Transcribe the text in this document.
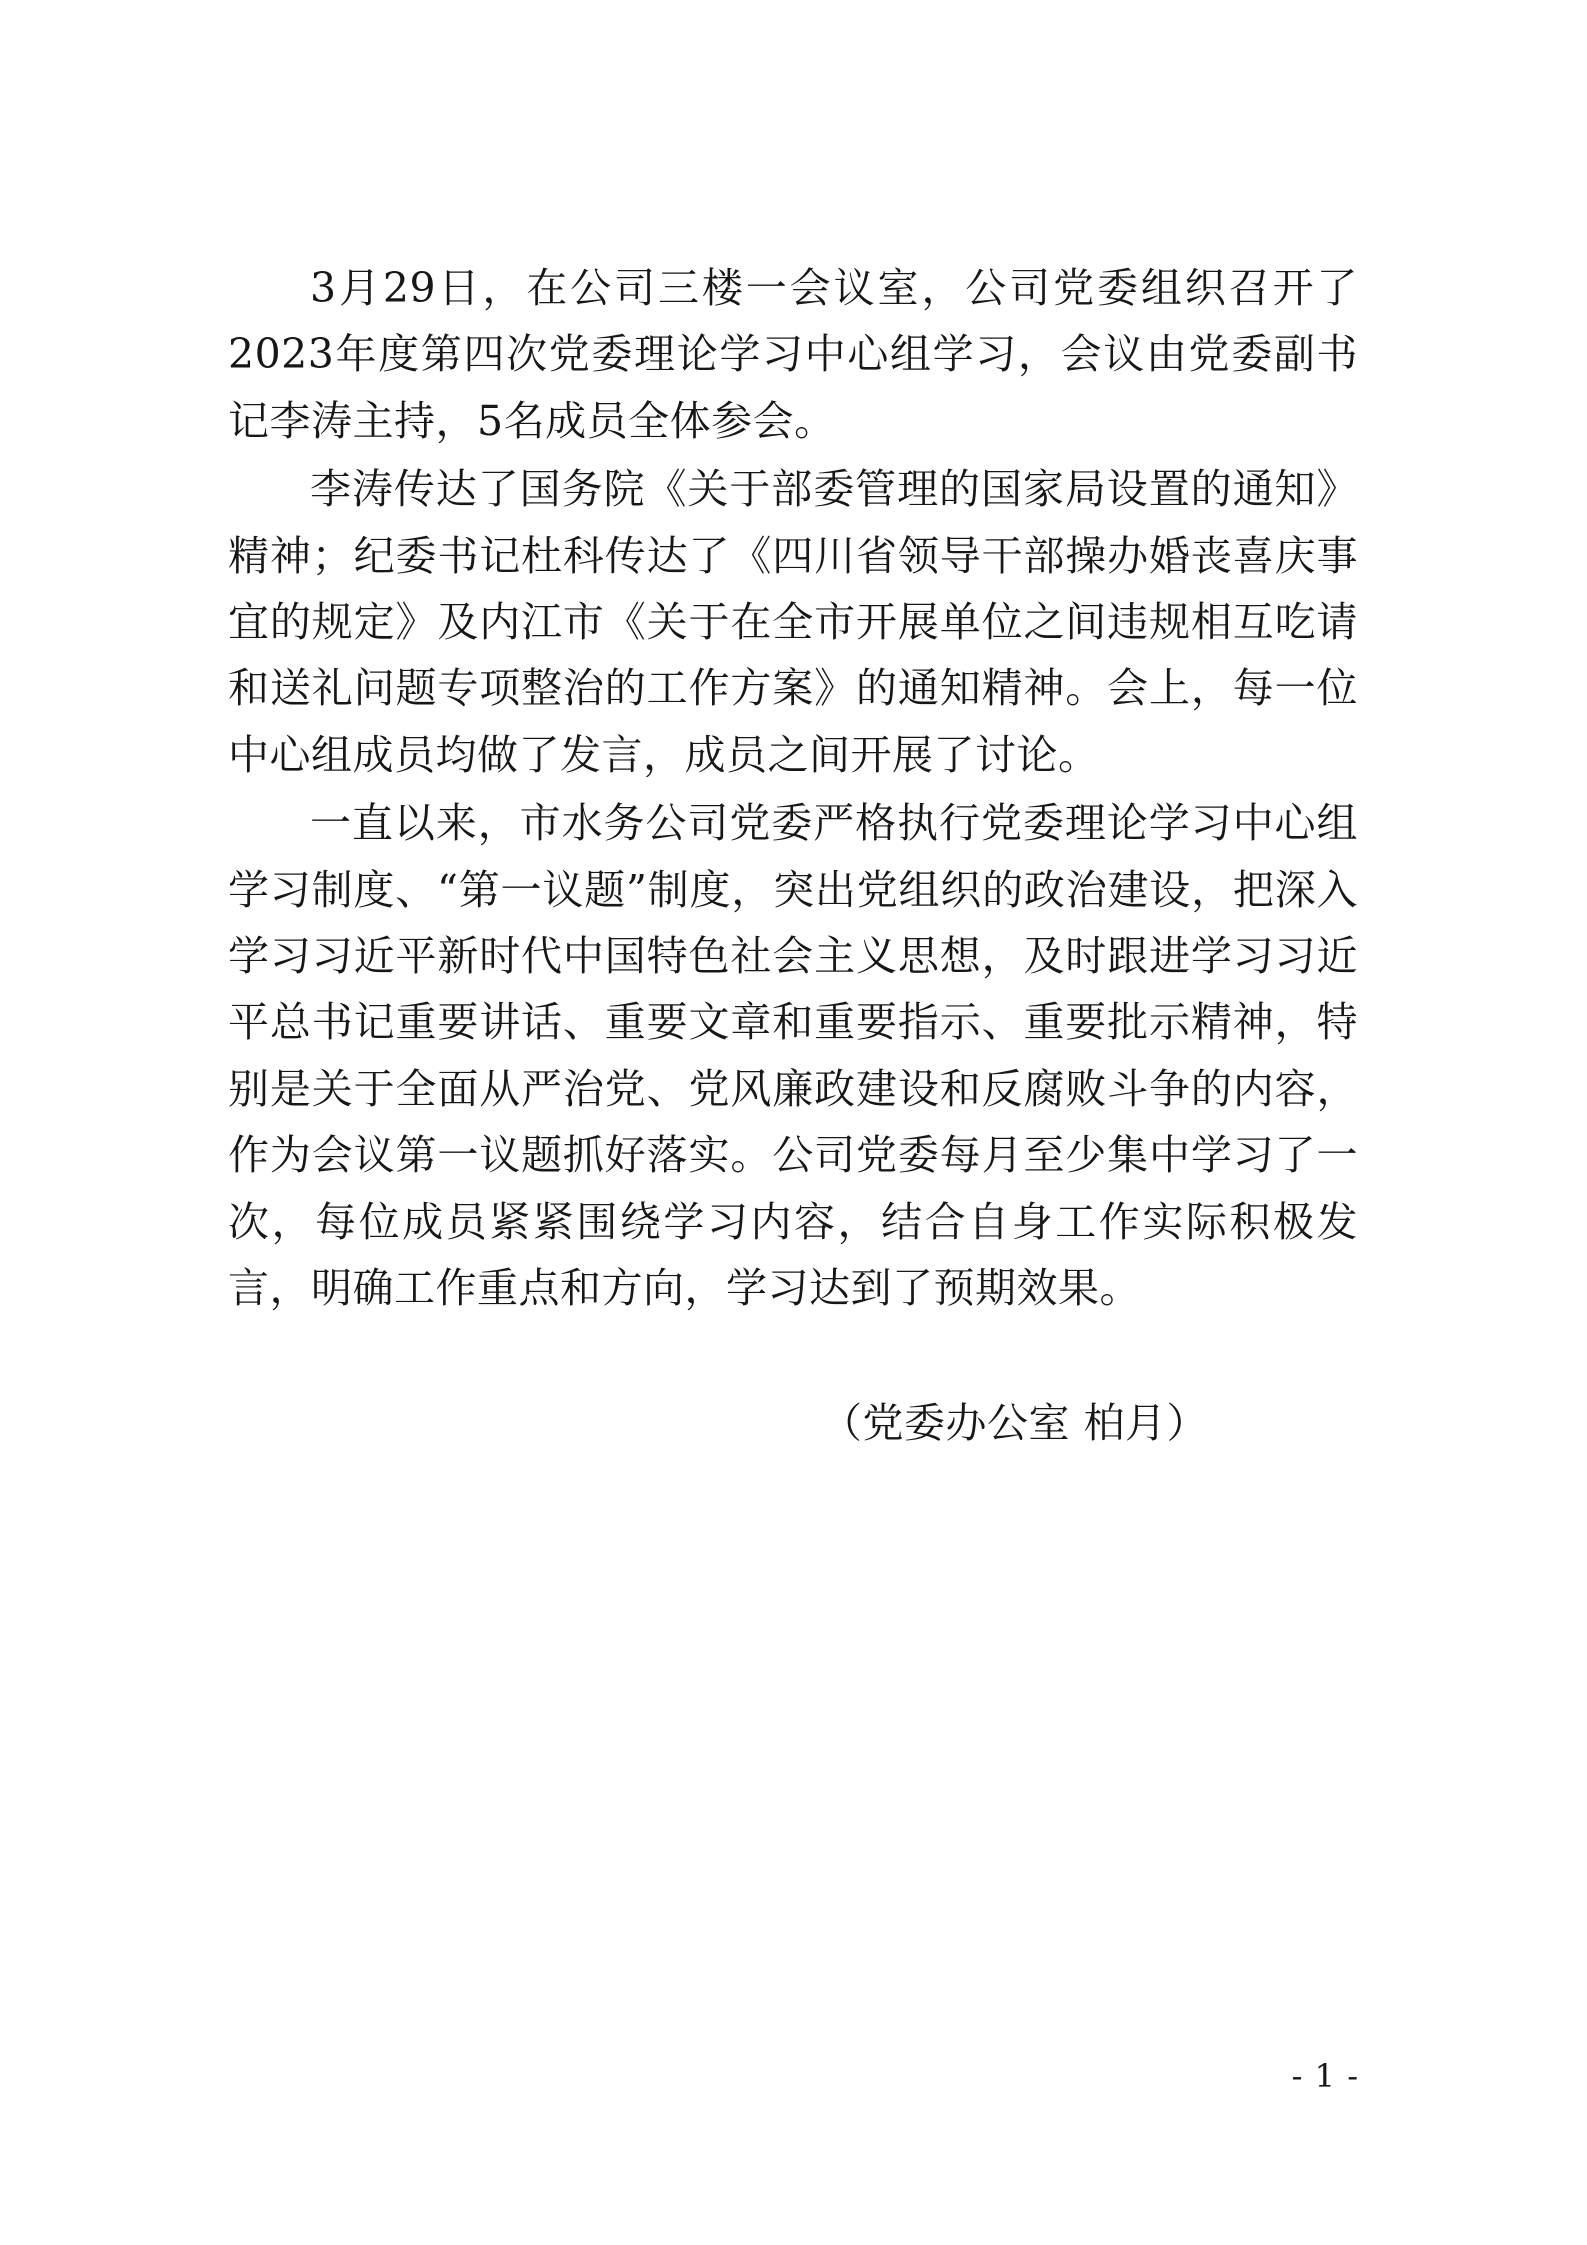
3月29日，在公司三楼一会议室，公司党委组织召开了2023年度第四次党委理论学习中心组学习，会议由党委副书记李涛主持，5名成员全体参会。

李涛传达了国务院《关于部委管理的国家局设置的通知》精神；纪委书记杜科传达了《四川省领导干部操办婚丧喜庆事宜的规定》及内江市《关于在全市开展单位之间违规相互吃请和送礼问题专项整治的工作方案》的通知精神。会上，每一位中心组成员均做了发言，成员之间开展了讨论。

一直以来，市水务公司党委严格执行党委理论学习中心组学习制度、“第一议题”制度，突出党组织的政治建设，把深入学习习近平新时代中国特色社会主义思想，及时跟进学习习近平总书记重要讲话、重要文章和重要指示、重要批示精神，特别是关于全面从严治党、党风廉政建设和反腐败斗争的内容，作为会议第一议题抓好落实。公司党委每月至少集中学习了一次，每位成员紧紧围绕学习内容，结合自身工作实际积极发言，明确工作重点和方向，学习达到了预期效果。

（党委办公室 柏月）
- 1 -
